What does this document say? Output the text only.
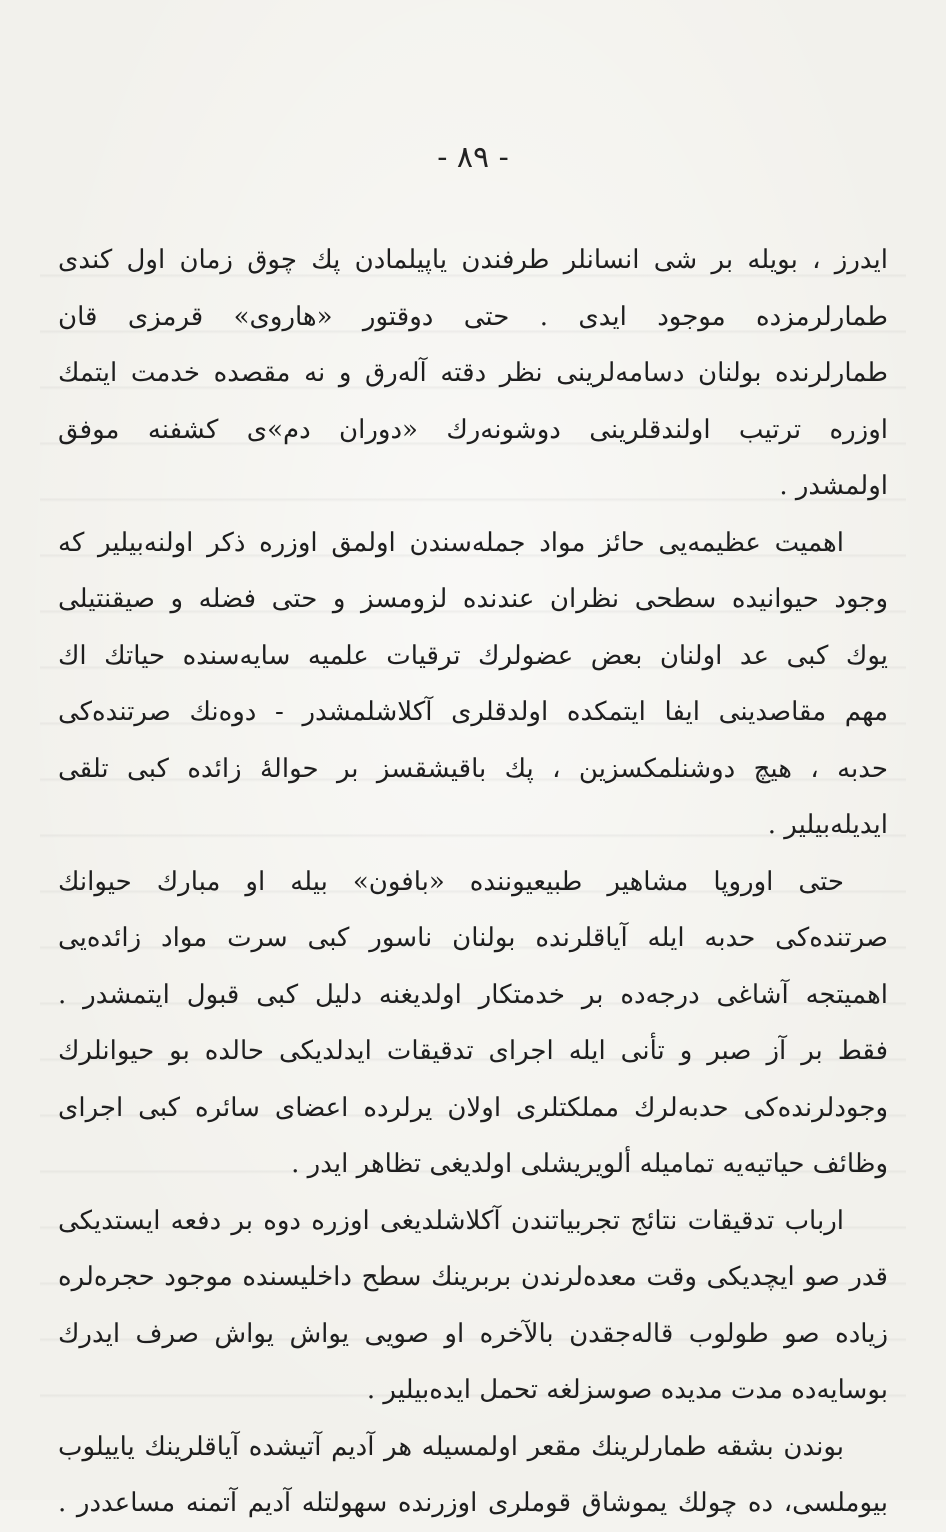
- ٨٩ -
ایدرز ، بویله بر شی انسانلر طرفندن یاپیلمادن پك چوق زمان اول کندی
طمارلرمزده موجود ایدی . حتی دوقتور «هاروی» قرمزی قان
طمارلرنده بولنان دسامه‌لرینی نظر دقته آله‌رق و نه مقصده خدمت ایتمك
اوزره ترتیب اولندقلرینی دوشونه‌رك «دوران دم»ی کشفنه موفق
اولمشدر .
اهمیت عظیمه‌یی حائز مواد جمله‌سندن اولمق اوزره ذکر اولنه‌بیلیر که
وجود حیوانیده سطحی نظران عندنده لزومسز و حتی فضله و صیقنتیلی
یوك کبی عد اولنان بعض عضولرك ترقیات علمیه سایه‌سنده حیاتك اك
مهم مقاصدینی ایفا ایتمکده اولدقلری آکلاشلمشدر - دوه‌نك صرتنده‌کی
حدبه ، هیچ دوشنلمکسزین ، پك باقیشقسز بر حوالهٔ زائده کبی تلقی
ایدیله‌بیلیر .
حتی اوروپا مشاهیر طبیعیوننده «بافون» بیله او مبارك حیوانك
صرتنده‌کی حدبه ایله آیاقلرنده بولنان ناسور کبی سرت مواد زائده‌یی
اهمیتجه آشاغی درجه‌ده بر خدمتکار اولدیغنه دلیل کبی قبول ایتمشدر .
فقط بر آز صبر و تأنی ایله اجرای تدقیقات ایدلدیکی حالده بو حیوانلرك
وجودلرنده‌کی حدبه‌لرك مملکتلری اولان یرلرده اعضای سائره کبی اجرای
وظائف حیاتیه‌یه تماميله ألویریشلی اولدیغی تظاهر ایدر .
ارباب تدقیقات نتائج تجربیاتندن آکلاشلدیغی اوزره دوه بر دفعه ایستدیکی
قدر صو ایچدیکی وقت معده‌لرندن بربرینك سطح داخلیسنده موجود حجره‌لره
زیاده صو طولوب قالەجقدن بالآخره او صویی یواش یواش صرف ایدرك
بوسایه‌ده مدت مدیده صوسزلغه تحمل ایده‌بیلیر .
بوندن بشقه طمارلرینك مقعر اولمسیله هر آدیم آتیشده آیاقلرینك یایيلوب
بیوملسی، ده چولك یموشاق قوملری اوزرنده سهولتله آدیم آتمنه مساعددر .
